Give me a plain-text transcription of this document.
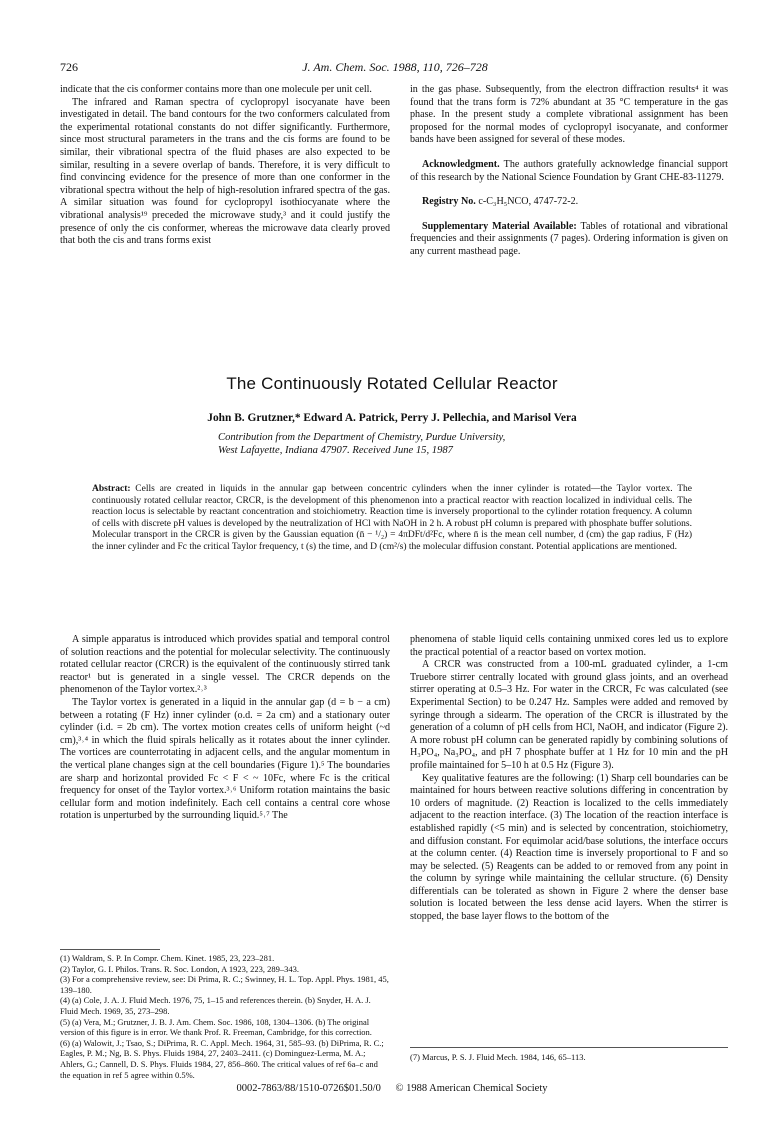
726	J. Am. Chem. Soc. 1988, 110, 726–728

indicate that the cis conformer contains more than one molecule per unit cell.

The infrared and Raman spectra of cyclopropyl isocyanate have been investigated in detail. The band contours for the two conformers calculated from the experimental rotational constants do not differ significantly. Furthermore, since most structural parameters in the trans and the cis forms are found to be similar, their vibrational spectra of the fluid phases are also expected to be similar, resulting in a severe overlap of bands. Therefore, it is very difficult to find convincing evidence for the presence of more than one conformer in the vibrational spectra without the help of high-resolution infrared spectra of the gas. A similar situation was found for cyclopropyl isothiocyanate where the vibrational analysis¹⁹ preceded the microwave study,³ and it could justify the presence of only the cis conformer, whereas the microwave data clearly proved that both the cis and trans forms exist

in the gas phase. Subsequently, from the electron diffraction results⁴ it was found that the trans form is 72% abundant at 35 °C temperature in the gas phase. In the present study a complete vibrational assignment has been proposed for the normal modes of cyclopropyl isocyanate, and conformer bands have been assigned for several of these modes.

Acknowledgment. The authors gratefully acknowledge financial support of this research by the National Science Foundation by Grant CHE-83-11279.

Registry No. c-C₃H₅NCO, 4747-72-2.

Supplementary Material Available: Tables of rotational and vibrational frequencies and their assignments (7 pages). Ordering information is given on any current masthead page.

The Continuously Rotated Cellular Reactor
John B. Grutzner,* Edward A. Patrick, Perry J. Pellechia, and Marisol Vera
Contribution from the Department of Chemistry, Purdue University,
West Lafayette, Indiana 47907. Received June 15, 1987
Abstract: Cells are created in liquids in the annular gap between concentric cylinders when the inner cylinder is rotated—the Taylor vortex. The continuously rotated cellular reactor, CRCR, is the development of this phenomenon into a practical reactor with reaction localized in individual cells. The reaction locus is selectable by reactant concentration and stoichiometry. Reaction time is inversely proportional to the cylinder rotation frequency. A column of cells with discrete pH values is developed by the neutralization of HCl with NaOH in 2 h. A robust pH column is prepared with phosphate buffer solutions. Molecular transport in the CRCR is given by the Gaussian equation (n̄ − ¹/₂) = 4πDFt/d²Fc, where n̄ is the mean cell number, d (cm) the gap radius, F (Hz) the inner cylinder and Fc the critical Taylor frequency, t (s) the time, and D (cm²/s) the molecular diffusion constant. Potential applications are mentioned.

A simple apparatus is introduced which provides spatial and temporal control of solution reactions and the potential for molecular selectivity. The continuously rotated cellular reactor (CRCR) is the equivalent of the continuously stirred tank reactor¹ but is generated in a single vessel. The CRCR depends on the phenomenon of the Taylor vortex.²˒³

The Taylor vortex is generated in a liquid in the annular gap (d = b − a cm) between a rotating (F Hz) inner cylinder (o.d. = 2a cm) and a stationary outer cylinder (i.d. = 2b cm). The vortex motion creates cells of uniform height (~d cm),³˒⁴ in which the fluid spirals helically as it rotates about the inner cylinder. The vortices are counterrotating in adjacent cells, and the angular momentum in the vertical plane changes sign at the cell boundaries (Figure 1).⁵ The boundaries are sharp and horizontal provided Fc < F < ~ 10Fc, where Fc is the critical frequency for onset of the Taylor vortex.³˒⁶ Uniform rotation maintains the basic cellular form and motion indefinitely. Each cell contains a central core whose rotation is unperturbed by the surrounding liquid.⁵˒⁷ The

phenomena of stable liquid cells containing unmixed cores led us to explore the practical potential of a reactor based on vortex motion.

A CRCR was constructed from a 100-mL graduated cylinder, a 1-cm Truebore stirrer centrally located with ground glass joints, and an overhead stirrer operating at 0.5–3 Hz. For water in the CRCR, Fc was calculated (see Experimental Section) to be 0.247 Hz. Samples were added and removed by syringe through a sidearm. The operation of the CRCR is illustrated by the generation of a column of pH cells from HCl, NaOH, and indicator (Figure 2). A more robust pH column can be generated rapidly by combining solutions of H₃PO₄, Na₃PO₄, and pH 7 phosphate buffer at 1 Hz for 10 min and the pH profile maintained for 5–10 h at 0.5 Hz (Figure 3).

Key qualitative features are the following: (1) Sharp cell boundaries can be maintained for hours between reactive solutions differing in concentration by 10 orders of magnitude. (2) Reaction is localized to the cells immediately adjacent to the reaction interface. (3) The location of the reaction interface is established rapidly (<5 min) and is selected by concentration, stoichiometry, and diffusion constant. For equimolar acid/base solutions, the interface occurs at the column center. (4) Reaction time is inversely proportional to F and so may be selected. (5) Reagents can be added to or removed from any point in the column by syringe while maintaining the cellular structure. (6) Density differentials can be tolerated as shown in Figure 2 where the denser base solution is located between the less dense acid layers. When the stirrer is stopped, the base layer flows to the bottom of the

(1) Waldram, S. P. In Compr. Chem. Kinet. 1985, 23, 223–281.

(2) Taylor, G. I. Philos. Trans. R. Soc. London, A 1923, 223, 289–343.

(3) For a comprehensive review, see: Di Prima, R. C.; Swinney, H. L. Top. Appl. Phys. 1981, 45, 139–180.

(4) (a) Cole, J. A. J. Fluid Mech. 1976, 75, 1–15 and references therein. (b) Snyder, H. A. J. Fluid Mech. 1969, 35, 273–298.

(5) (a) Vera, M.; Grutzner, J. B. J. Am. Chem. Soc. 1986, 108, 1304–1306. (b) The original version of this figure is in error. We thank Prof. R. Freeman, Cambridge, for this correction.

(6) (a) Walowit, J.; Tsao, S.; DiPrima, R. C. Appl. Mech. 1964, 31, 585–93. (b) DiPrima, R. C.; Eagles, P. M.; Ng, B. S. Phys. Fluids 1984, 27, 2403–2411. (c) Dominguez-Lerma, M. A.; Ahlers, G.; Cannell, D. S. Phys. Fluids 1984, 27, 856–860. The critical values of ref 6a–c and the equation in ref 5 agree within 0.5%.

(7) Marcus, P. S. J. Fluid Mech. 1984, 146, 65–113.

0002-7863/88/1510-0726$01.50/0 © 1988 American Chemical Society
